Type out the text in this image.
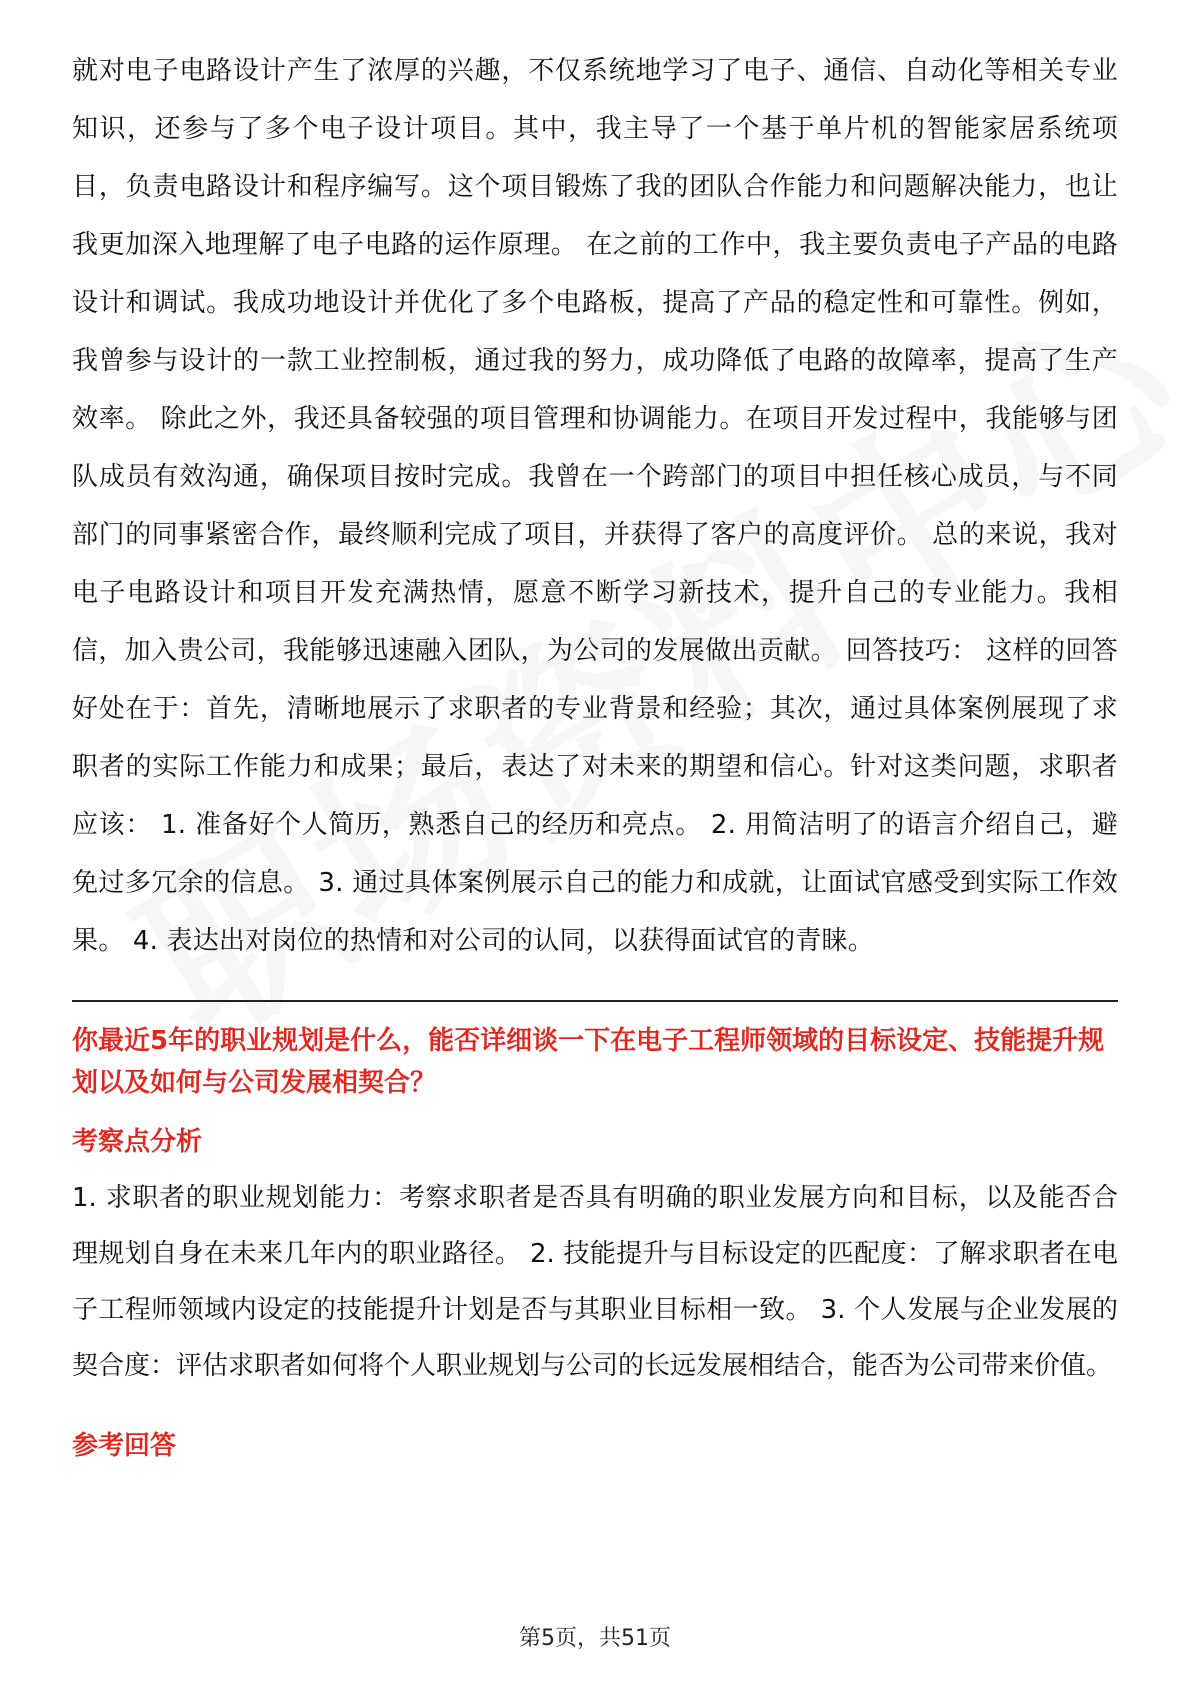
就对电子电路设计产生了浓厚的兴趣，不仅系统地学习了电子、通信、自动化等相关专业知识，还参与了多个电子设计项目。其中，我主导了一个基于单片机的智能家居系统项目，负责电路设计和程序编写。这个项目锻炼了我的团队合作能力和问题解决能力，也让我更加深入地理解了电子电路的运作原理。 在之前的工作中，我主要负责电子产品的电路设计和调试。我成功地设计并优化了多个电路板，提高了产品的稳定性和可靠性。例如，我曾参与设计的一款工业控制板，通过我的努力，成功降低了电路的故障率，提高了生产效率。 除此之外，我还具备较强的项目管理和协调能力。在项目开发过程中，我能够与团队成员有效沟通，确保项目按时完成。我曾在一个跨部门的项目中担任核心成员，与不同部门的同事紧密合作，最终顺利完成了项目，并获得了客户的高度评价。 总的来说，我对电子电路设计和项目开发充满热情，愿意不断学习新技术，提升自己的专业能力。我相信，加入贵公司，我能够迅速融入团队，为公司的发展做出贡献。 回答技巧： 这样的回答好处在于：首先，清晰地展示了求职者的专业背景和经验；其次，通过具体案例展现了求职者的实际工作能力和成果；最后，表达了对未来的期望和信心。针对这类问题，求职者应该： 1. 准备好个人简历，熟悉自己的经历和亮点。 2. 用简洁明了的语言介绍自己，避免过多冗余的信息。 3. 通过具体案例展示自己的能力和成就，让面试官感受到实际工作效果。 4. 表达出对岗位的热情和对公司的认同，以获得面试官的青睐。

你最近5年的职业规划是什么，能否详细谈一下在电子工程师领域的目标设定、技能提升规划以及如何与公司发展相契合？
考察点分析

1. 求职者的职业规划能力：考察求职者是否具有明确的职业发展方向和目标，以及能否合理规划自身在未来几年内的职业路径。 2. 技能提升与目标设定的匹配度：了解求职者在电子工程师领域内设定的技能提升计划是否与其职业目标相一致。 3. 个人发展与企业发展的契合度：评估求职者如何将个人职业规划与公司的长远发展相结合，能否为公司带来价值。

参考回答
第5页，共51页
